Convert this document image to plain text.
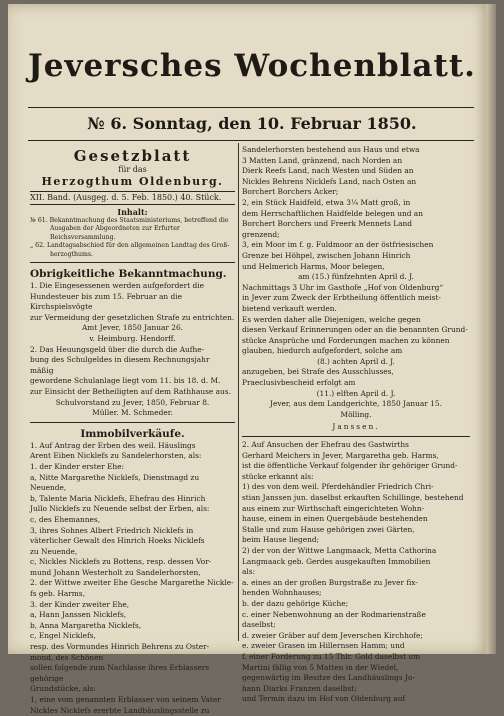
Jeversches Wochenblatt.
№ 6. Sonntag, den 10. Februar 1850.
Gesetzblatt
für das
Herzogthum Oldenburg.
XII. Band. (Ausgeg. d. 5. Feb. 1850.) 40. Stück.
Inhalt:
№ 61. Bekanntmachung des Staatsministeriums, betreffend die
Ausgaben der Abgeordneten zur Erfurter Reichsversammlung.
„ 62. Landtagsabschied für den allgemeinen Landtag des Groß-
herzogthums.
Obrigkeitliche Bekanntmachung.

1. Die Eingesessenen werden aufgefordert die

Hundesteuer bis zum 15. Februar an die Kirchspielsvögte

zur Vermeidung der gesetzlichen Strafe zu entrichten.

Amt Jever, 1850 Januar 26.

v. Heimburg. Hendorff.

2. Das Heuungsgeld über die durch die Aufhe-

bung des Schulgeldes in diesem Rechnungsjahr mäßig

gewordene Schulanlage liegt vom 11. bis 18. d. M.

zur Einsicht der Betheiligten auf dem Rathhause aus.

Schulvorstand zu Jever, 1850, Februar 8.

Müller. M. Schmeder.

Immobilverkäufe.

1. Auf Antrag der Erben des weil. Häuslings

Arent Eiben Nicklefs zu Sandelerhorsten, als:

1. der Kinder erster Ehe:

a, Nitte Margarethe Nicklefs, Dienstmagd zu Neuende,

b, Talente Maria Nicklefs, Ehefrau des Hinrich

Jullo Nicklefs zu Neuende selbst der Erben, als:

c, des Ehemannes,

3, ihres Sohnes Albert Friedrich Nicklefs in

väterlicher Gewalt des Hinrich Hoeks Nicklefs

zu Neuende,

c, Nickles Nicklefs zu Bottens, resp. dessen Vor-

mund Johann Westerholt zu Sandelerhorsten,

2. der Wittwe zweiter Ehe Gesche Margarethe Nickle-

fs geb. Harms,

3. der Kinder zweiter Ehe,

a, Hann Janssen Nicklefs,

b, Anna Margaretha Nicklefs,

c, Engel Nicklefs,

resp. des Vormundes Hinrich Behrens zu Oster-

mond, des Schönen

sollen folgende zum Nachlasse ihres Erblassers gehörige

Grundstücke, als:

1, eine vom genannten Erblasser von seinem Vater

Nickles Nicklefs ererbte Landbäuslingsstelle zu

Sandelerhorsten bestehend aus Haus und etwa

3 Matten Land, gränzend, nach Norden an

Dierk Reefs Land, nach Westen und Süden an

Nickles Behrens Nicklefs Land, nach Osten an

Borchert Borchers Acker;

2, ein Stück Haidfeld, etwa 3¼ Matt groß, in

dem Herrschaftlichen Haidfelde belegen und an

Borchert Borchers und Freerk Mennets Land

grenzend;

3, ein Moor im f. g. Fuldmoor an der östfriesischen

Grenze bei Höhpel, zwischen Johann Hinrich

und Helmerich Harms, Moor belegen,

am (15.) fünfzehnten April d. J.

Nachmittags 3 Uhr im Gasthofe „Hof von Oldenburg“

in Jever zum Zweck der Erbtheilung öffentlich meist-

bietend verkauft werden.

Es werden daher alle Diejenigen, welche gegen

diesen Verkauf Erinnerungen oder an die benannten Grund-

stücke Ansprüche und Forderungen machen zu können

glauben, hiedurch aufgefordert, solche am

(8.) achten April d. J.

anzugeben, bei Strafe des Ausschlusses,

Praeclusivbescheid erfolgt am

(11.) elften April d. J.

Jever, aus dem Landgerichte, 1850 Januar 15.

Mölling.

Janssen.

2. Auf Ansuchen der Ehefrau des Gastwirths

Gerhard Meichers in Jever, Margaretha geb. Harms,

ist die öffentliche Verkauf folgender ihr gehöriger Grund-

stücke erkannt als:

1) des von dem weil. Pferdehändler Friedrich Chri-

stian Janssen jun. daselbst erkauften Schillinge, bestehend

aus einem zur Wirthschaft eingerichteten Wohn-

hause, einem in einen Quergebäude bestehenden

Stalle und zum Hause gehörigen zwei Gärten,

beim Hause liegend;

2) der von der Wittwe Langmaack, Metta Cathorina

Langmaack geb. Gerdes ausgekauften Immobilien

als:

a. eines an der großen Burgstraße zu Jever fix-

henden Wohnhauses;

b. der dazu gehörige Küche;

c. einer Nebenwohnung an der Rodmarienstraße

daselbst;

d. zweier Gräber auf dem Jeverschen Kirchhofe;

e. zweier Grasen im Hillernsen Hamm; und

f. einer Forderung zu 15 Thlr. Gold daselbst um

Martini fällig von 5 Matten in der Wiedel,

gegenwärtig im Besitze des Landhäuslings Jo-

hann Diarks Franzen daselbst;

und Termin dazu im Hof von Oldenburg auf
